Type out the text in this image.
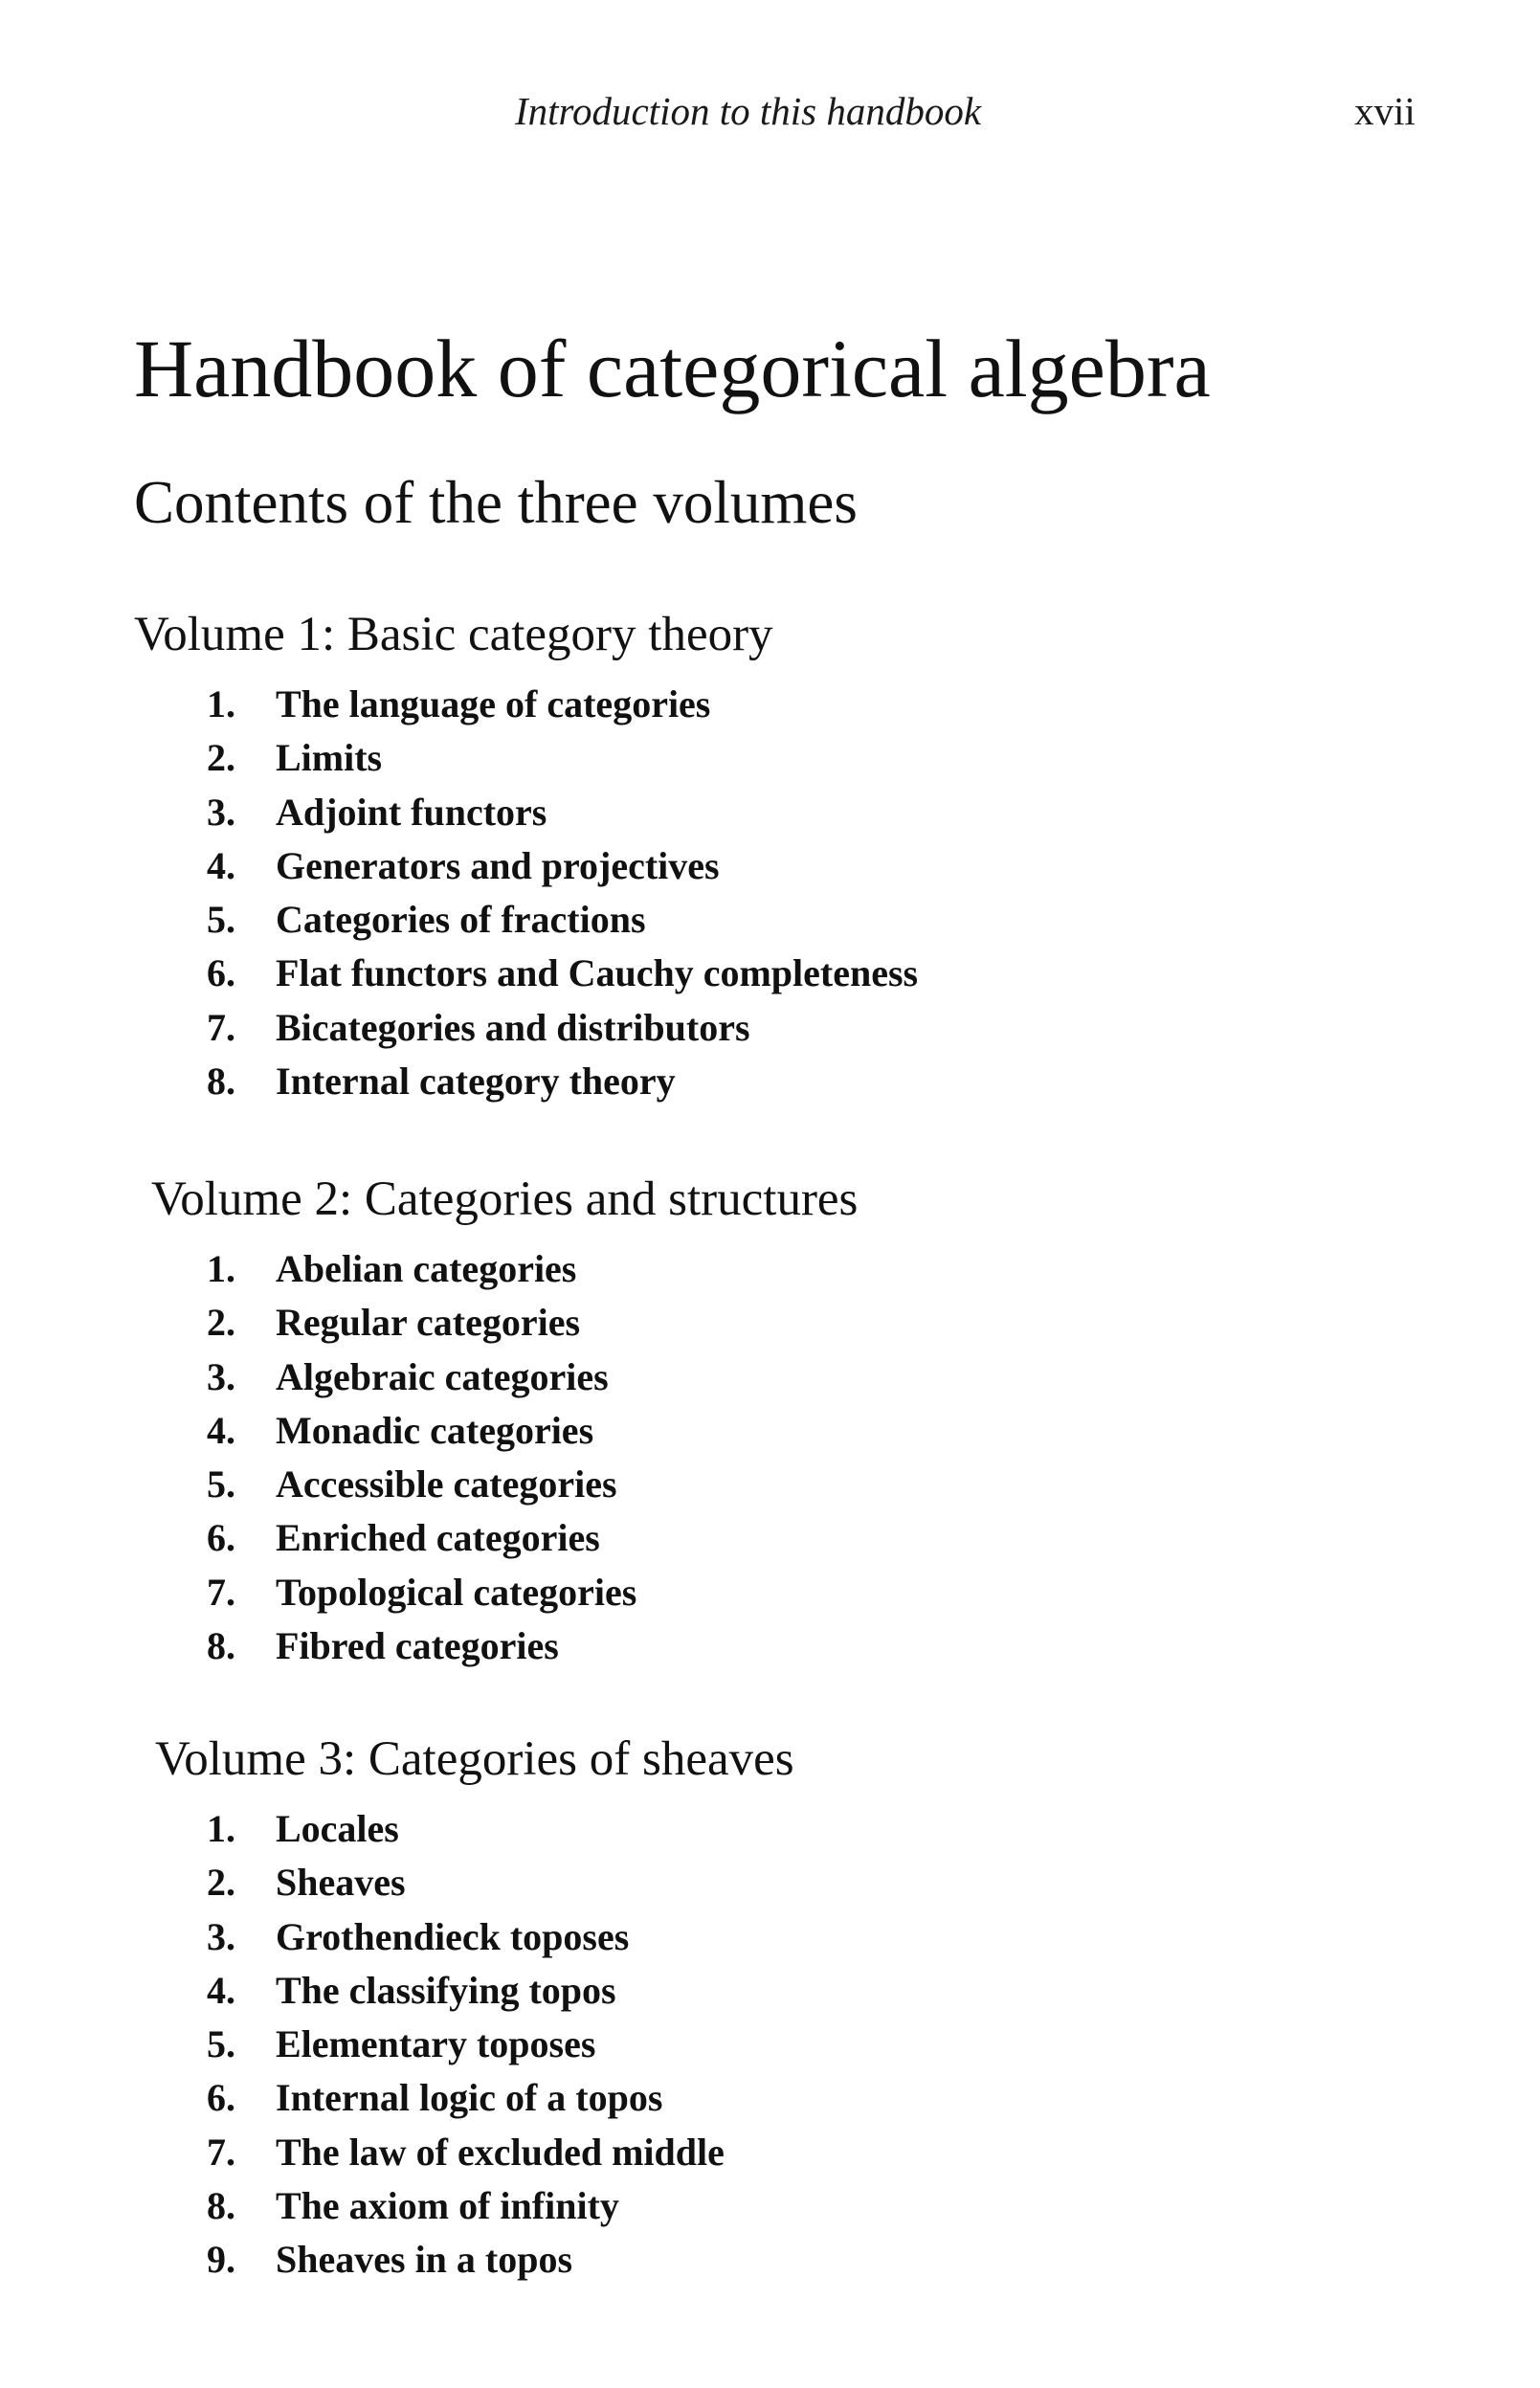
Introduction to this handbook	xvii
Handbook of categorical algebra
Contents of the three volumes
Volume 1: Basic category theory
1. The language of categories
2. Limits
3. Adjoint functors
4. Generators and projectives
5. Categories of fractions
6. Flat functors and Cauchy completeness
7. Bicategories and distributors
8. Internal category theory
Volume 2: Categories and structures
1. Abelian categories
2. Regular categories
3. Algebraic categories
4. Monadic categories
5. Accessible categories
6. Enriched categories
7. Topological categories
8. Fibred categories
Volume 3: Categories of sheaves
1. Locales
2. Sheaves
3. Grothendieck toposes
4. The classifying topos
5. Elementary toposes
6. Internal logic of a topos
7. The law of excluded middle
8. The axiom of infinity
9. Sheaves in a topos
